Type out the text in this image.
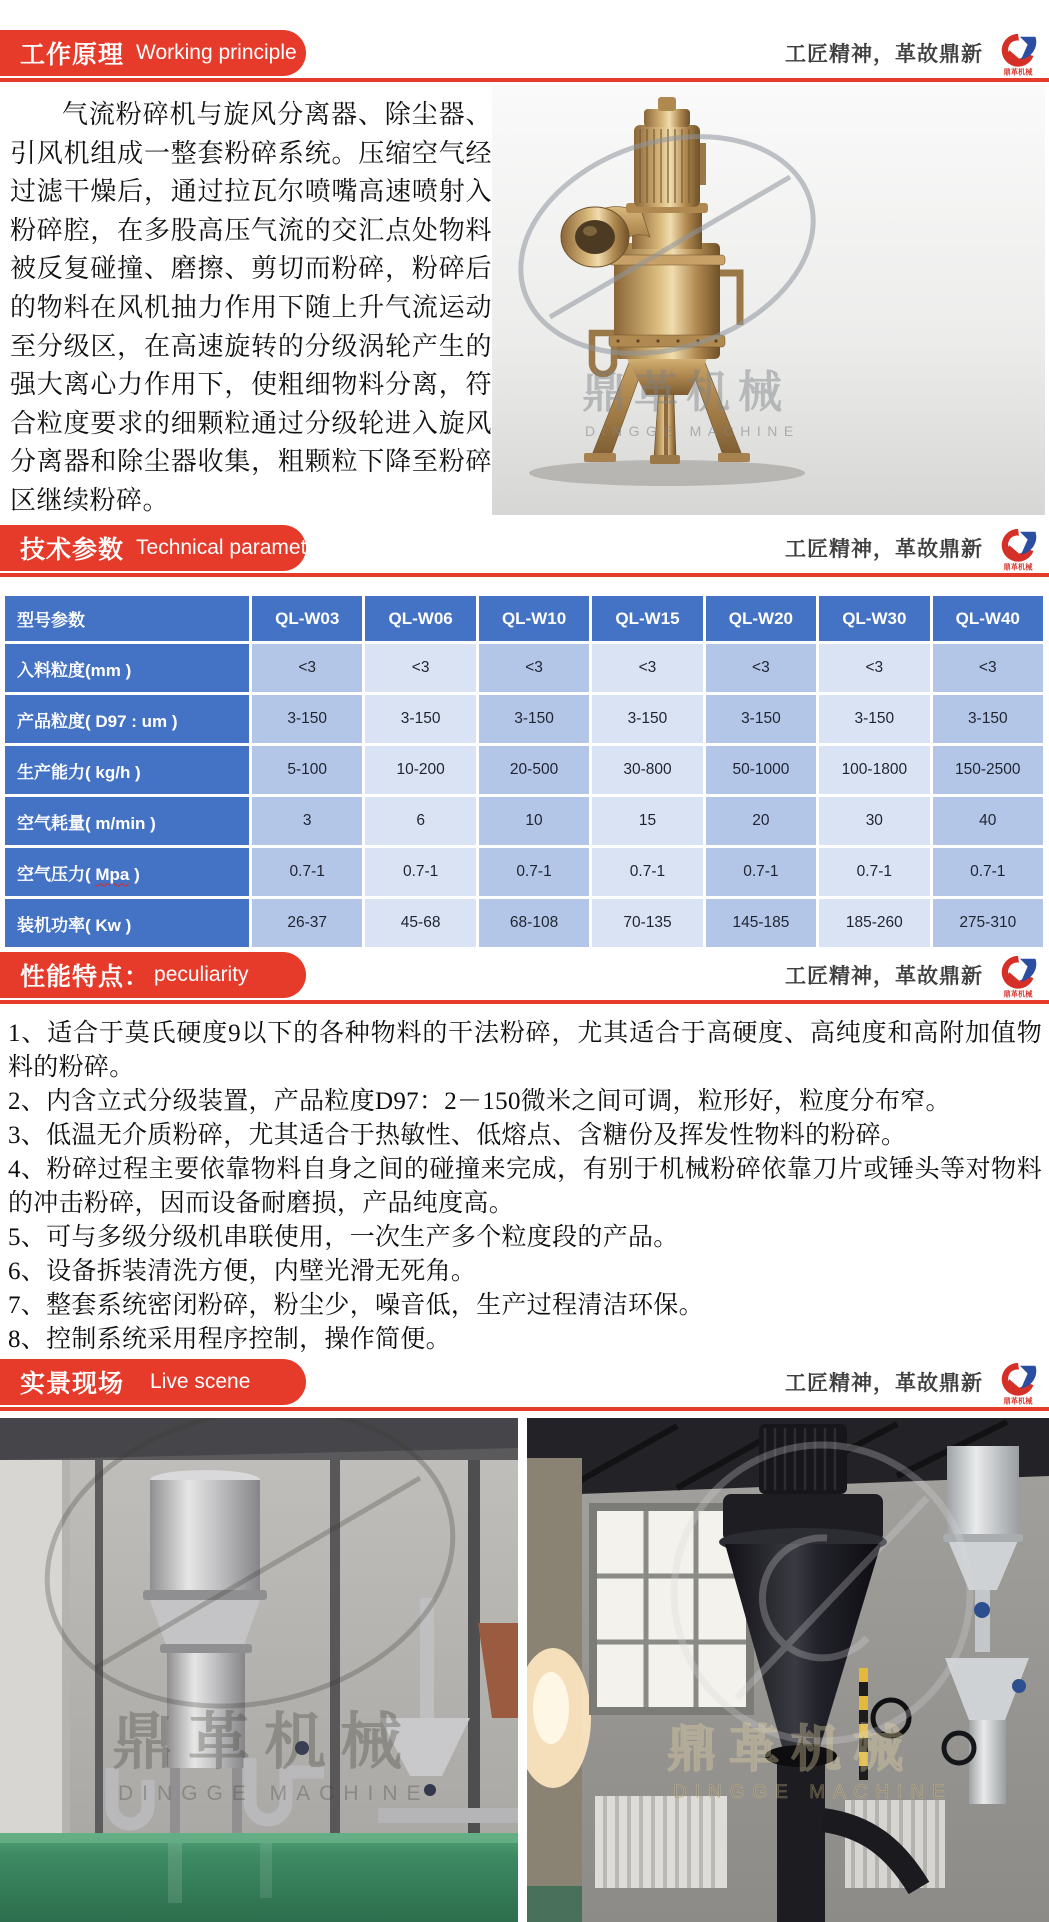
工作原理 Working principle	工匠精神，革故鼎新
鼎革机械

气流粉碎机与旋风分离器、除尘器、引风机组成一整套粉碎系统。压缩空气经过滤干燥后，通过拉瓦尔喷嘴高速喷射入粉碎腔，在多股高压气流的交汇点处物料被反复碰撞、磨擦、剪切而粉碎，粉碎后的物料在风机抽力作用下随上升气流运动至分级区，在高速旋转的分级涡轮产生的强大离心力作用下，使粗细物料分离，符合粒度要求的细颗粒通过分级轮进入旋风分离器和除尘器收集，粗颗粒下降至粉碎区继续粉碎。

鼎革机械
DINGGE MACHINE
技术参数 Technical parameter	工匠精神，革故鼎新
鼎革机械
型号参数	QL-W03	QL-W06	QL-W10	QL-W15	QL-W20	QL-W30	QL-W40
入料粒度(mm )	<3	<3	<3	<3	<3	<3	<3
产品粒度( D97 : um )	3-150	3-150	3-150	3-150	3-150	3-150	3-150
生产能力( kg/h )	5-100	10-200	20-500	30-800	50-1000	100-1800	150-2500
空气耗量( m/min )	3	6	10	15	20	30	40
空气压力( Mpa )	0.7-1	0.7-1	0.7-1	0.7-1	0.7-1	0.7-1	0.7-1
装机功率( Kw )	26-37	45-68	68-108	70-135	145-185	185-260	275-310
性能特点： peculiarity	工匠精神，革故鼎新
鼎革机械
1、适合于莫氏硬度9以下的各种物料的干法粉碎，尤其适合于高硬度、高纯度和高附加值物料的粉碎。
2、内含立式分级装置，产品粒度D97：2－150微米之间可调，粒形好，粒度分布窄。
3、低温无介质粉碎，尤其适合于热敏性、低熔点、含糖份及挥发性物料的粉碎。
4、粉碎过程主要依靠物料自身之间的碰撞来完成，有别于机械粉碎依靠刀片或锤头等对物料的冲击粉碎，因而设备耐磨损，产品纯度高。
5、可与多级分级机串联使用，一次生产多个粒度段的产品。
6、设备拆装清洗方便，内壁光滑无死角。
7、整套系统密闭粉碎，粉尘少，噪音低，生产过程清洁环保。
8、控制系统采用程序控制，操作简便。
实景现场 Live scene	工匠精神，革故鼎新
鼎革机械
鼎革机械
DINGGE MACHINE
鼎革机械
DINGGE MACHINE
